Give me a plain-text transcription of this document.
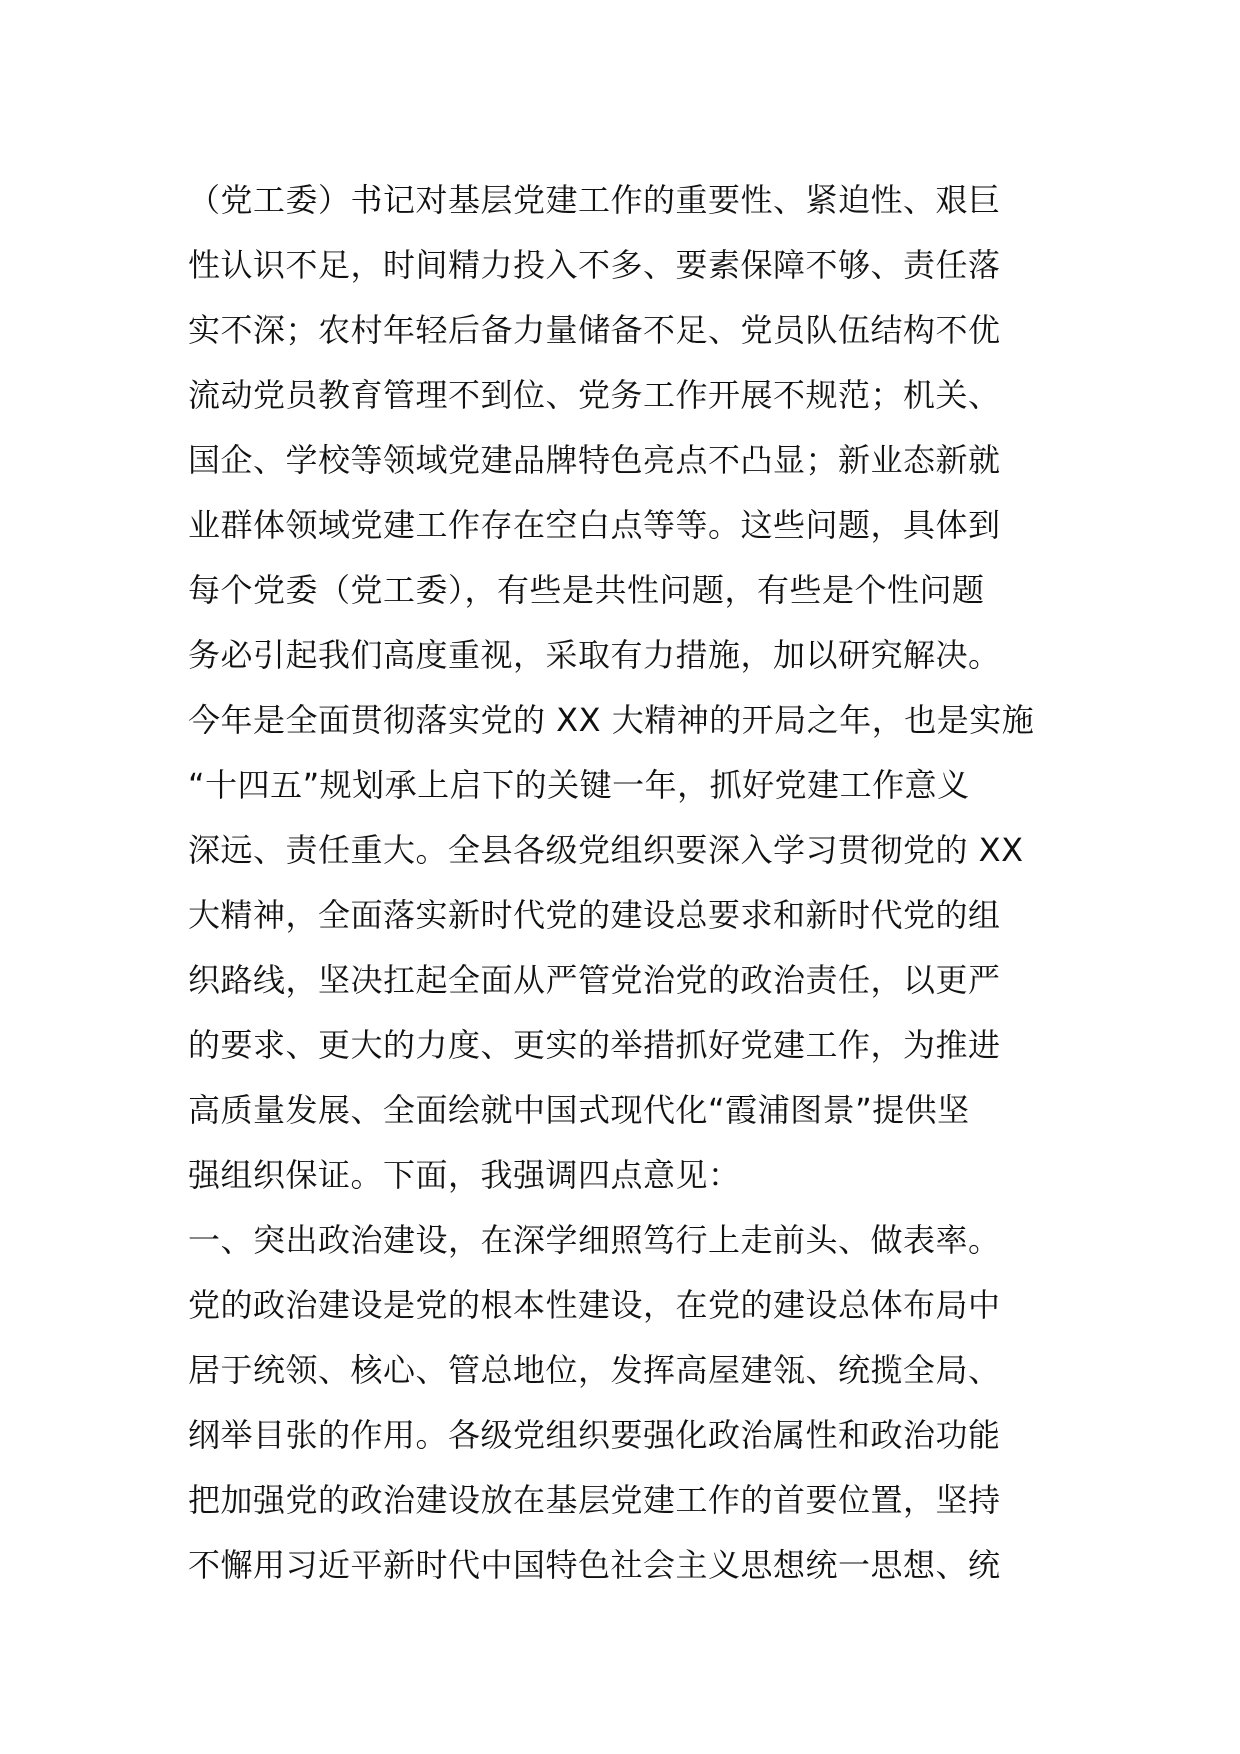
（党工委）书记对基层党建工作的重要性、紧迫性、艰巨
性认识不足，时间精力投入不多、要素保障不够、责任落
实不深；农村年轻后备力量储备不足、党员队伍结构不优
流动党员教育管理不到位、党务工作开展不规范；机关、
国企、学校等领域党建品牌特色亮点不凸显；新业态新就
业群体领域党建工作存在空白点等等。这些问题，具体到
每个党委（党工委），有些是共性问题，有些是个性问题
务必引起我们高度重视，采取有力措施，加以研究解决。
今年是全面贯彻落实党的 XX 大精神的开局之年，也是实施
“十四五”规划承上启下的关键一年，抓好党建工作意义
深远、责任重大。全县各级党组织要深入学习贯彻党的 XX
大精神，全面落实新时代党的建设总要求和新时代党的组
织路线，坚决扛起全面从严管党治党的政治责任，以更严
的要求、更大的力度、更实的举措抓好党建工作，为推进
高质量发展、全面绘就中国式现代化“霞浦图景”提供坚
强组织保证。下面，我强调四点意见：
一、突出政治建设，在深学细照笃行上走前头、做表率。
党的政治建设是党的根本性建设，在党的建设总体布局中
居于统领、核心、管总地位，发挥高屋建瓴、统揽全局、
纲举目张的作用。各级党组织要强化政治属性和政治功能
把加强党的政治建设放在基层党建工作的首要位置，坚持
不懈用习近平新时代中国特色社会主义思想统一思想、统
